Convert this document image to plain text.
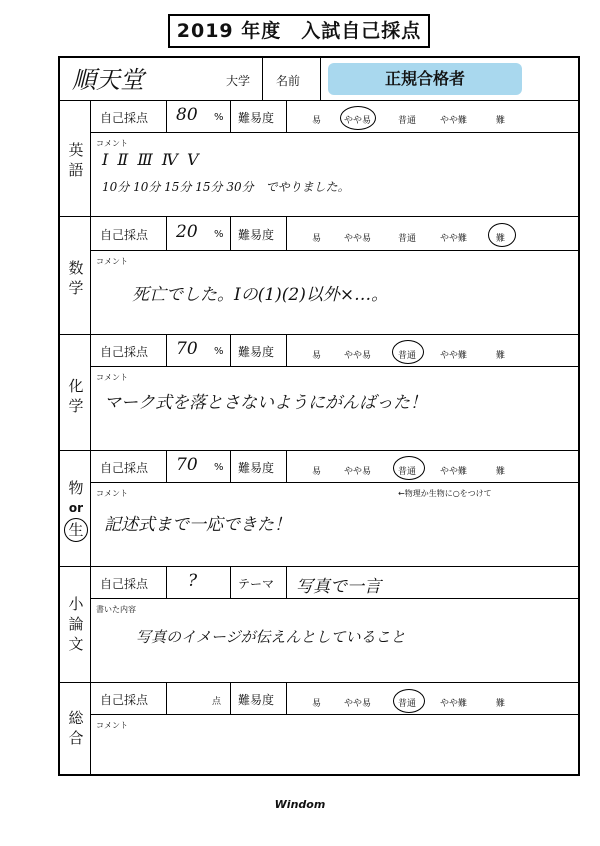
2019 年度　入試自己採点
順天堂	大学 名前	正規合格者
英語
自己採点 80 % 難易度	易	やや易	普通	やや難	難
コメント
Ⅰ Ⅱ Ⅲ Ⅳ Ⅴ
10分 10分 15分 15分 30分　でやりました。
数学
自己採点 20 % 難易度	易	やや易	普通	やや難	難
コメント
死亡でした。Ⅰの(1)(2)以外×…。
化学
自己採点 70 % 難易度	易	やや易	普通	やや難	難
コメント
マーク式を落とさないようにがんばった！
物
or
生
自己採点 70 % 難易度	易	やや易	普通	やや難	難
コメント	←物理か生物に○をつけて
記述式まで一応できた！
小論文
自己採点 ?	テーマ 写真で一言
書いた内容
写真のイメージが伝えんとしていること
総合
自己採点	点 難易度	易	やや易	普通	やや難	難
コメント
Windom
